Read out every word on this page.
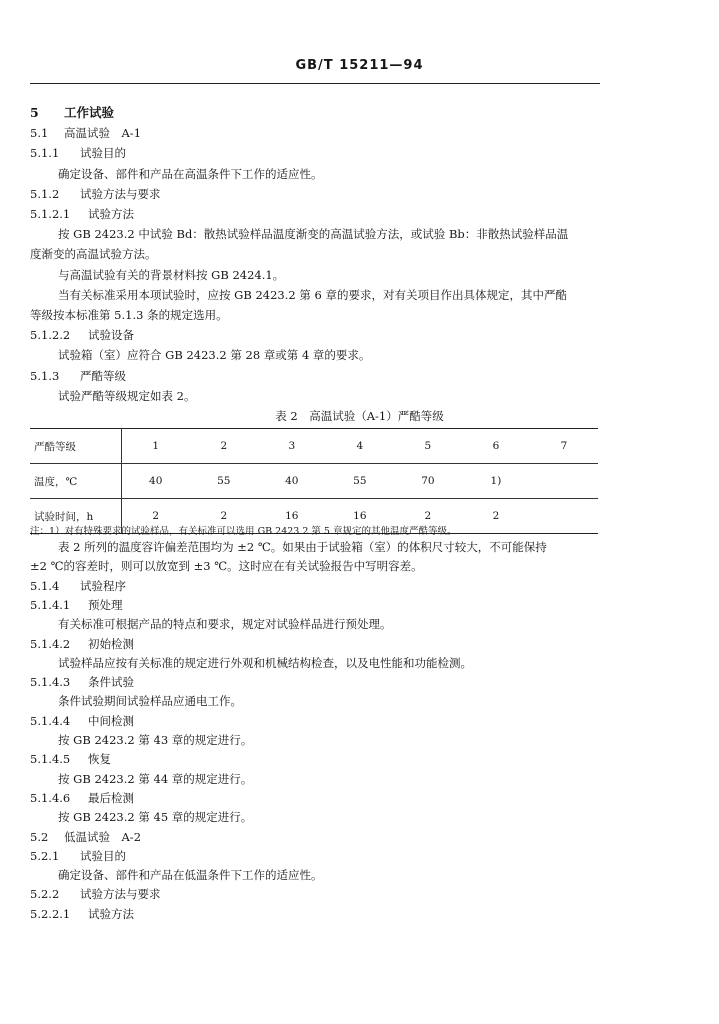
GB/T 15211—94
5 工作试验
5.1 高温试验　A-1
5.1.1 试验目的
确定设备、部件和产品在高温条件下工作的适应性。
5.1.2 试验方法与要求
5.1.2.1 试验方法
按 GB 2423.2 中试验 Bd：散热试验样品温度渐变的高温试验方法，或试验 Bb：非散热试验样品温
度渐变的高温试验方法。
与高温试验有关的背景材料按 GB 2424.1。
当有关标准采用本项试验时，应按 GB 2423.2 第 6 章的要求，对有关项目作出具体规定，其中严酷
等级按本标准第 5.1.3 条的规定选用。
5.1.2.2 试验设备
试验箱（室）应符合 GB 2423.2 第 28 章或第 4 章的要求。
5.1.3 严酷等级
试验严酷等级规定如表 2。
表 2　高温试验（A-1）严酷等级
严酷等级	1	2	3	4	5	6	7
温度，℃	40	55	40	55	70	1)	
试验时间，h	2	2	16	16	2	2	
注：1）对有特殊要求的试验样品，有关标准可以选用 GB 2423.2 第 5 章规定的其他温度严酷等级。
表 2 所列的温度容许偏差范围均为 ±2 ℃。如果由于试验箱（室）的体积尺寸较大，不可能保持
±2 ℃的容差时，则可以放宽到 ±3 ℃。这时应在有关试验报告中写明容差。
5.1.4 试验程序
5.1.4.1 预处理
有关标准可根据产品的特点和要求，规定对试验样品进行预处理。
5.1.4.2 初始检测
试验样品应按有关标准的规定进行外观和机械结构检查，以及电性能和功能检测。
5.1.4.3 条件试验
条件试验期间试验样品应通电工作。
5.1.4.4 中间检测
按 GB 2423.2 第 43 章的规定进行。
5.1.4.5 恢复
按 GB 2423.2 第 44 章的规定进行。
5.1.4.6 最后检测
按 GB 2423.2 第 45 章的规定进行。
5.2 低温试验　A-2
5.2.1 试验目的
确定设备、部件和产品在低温条件下工作的适应性。
5.2.2 试验方法与要求
5.2.2.1 试验方法
